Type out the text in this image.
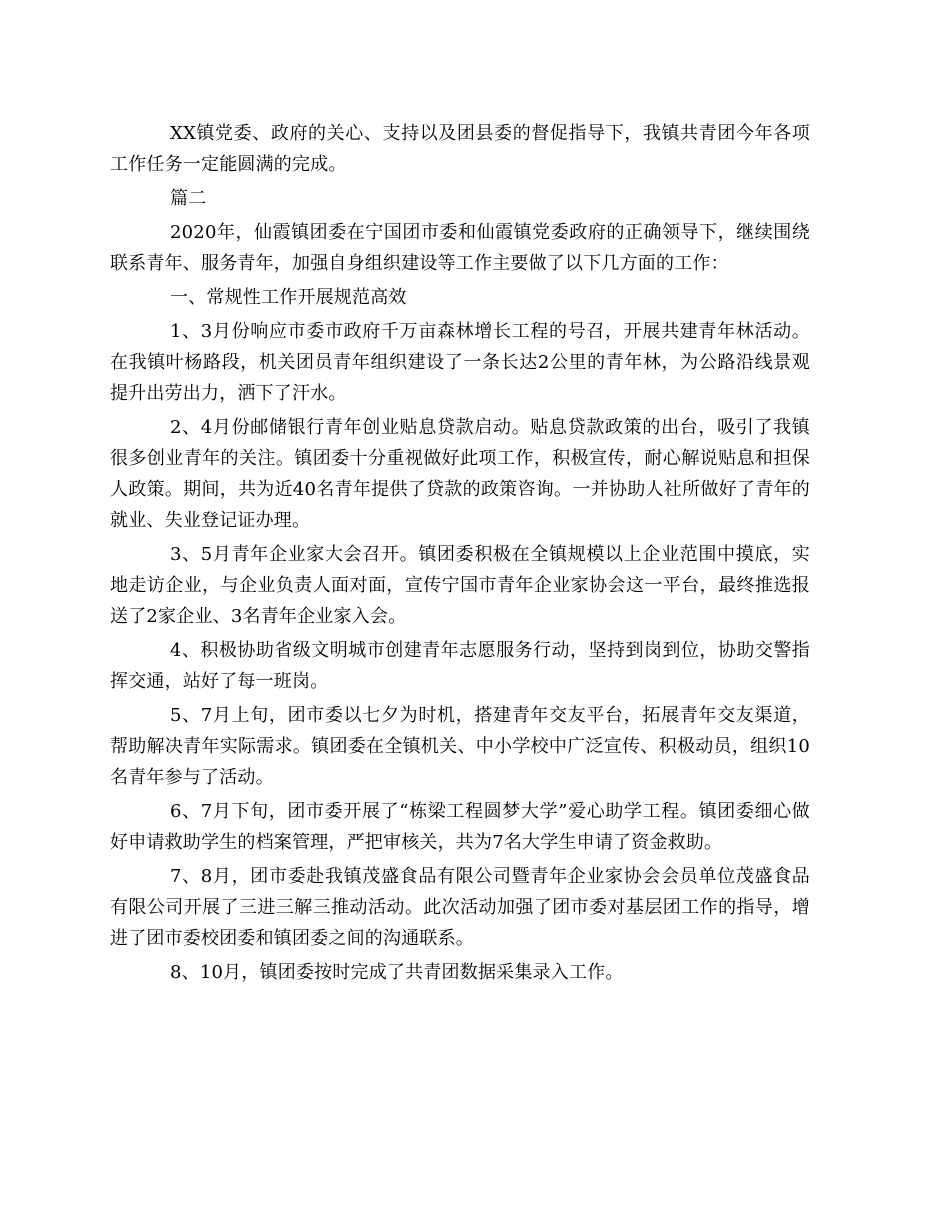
XX镇党委、政府的关心、支持以及团县委的督促指导下，我镇共青团今年各项工作任务一定能圆满的完成。

篇二

2020年，仙霞镇团委在宁国团市委和仙霞镇党委政府的正确领导下，继续围绕联系青年、服务青年，加强自身组织建设等工作主要做了以下几方面的工作：

一、常规性工作开展规范高效

1、3月份响应市委市政府千万亩森林增长工程的号召，开展共建青年林活动。在我镇叶杨路段，机关团员青年组织建设了一条长达2公里的青年林，为公路沿线景观提升出劳出力，洒下了汗水。

2、4月份邮储银行青年创业贴息贷款启动。贴息贷款政策的出台，吸引了我镇很多创业青年的关注。镇团委十分重视做好此项工作，积极宣传，耐心解说贴息和担保人政策。期间，共为近40名青年提供了贷款的政策咨询。一并协助人社所做好了青年的就业、失业登记证办理。

3、5月青年企业家大会召开。镇团委积极在全镇规模以上企业范围中摸底，实地走访企业，与企业负责人面对面，宣传宁国市青年企业家协会这一平台，最终推选报送了2家企业、3名青年企业家入会。

4、积极协助省级文明城市创建青年志愿服务行动，坚持到岗到位，协助交警指挥交通，站好了每一班岗。

5、7月上旬，团市委以七夕为时机，搭建青年交友平台，拓展青年交友渠道，帮助解决青年实际需求。镇团委在全镇机关、中小学校中广泛宣传、积极动员，组织10名青年参与了活动。

6、7月下旬，团市委开展了“栋梁工程圆梦大学”爱心助学工程。镇团委细心做好申请救助学生的档案管理，严把审核关，共为7名大学生申请了资金救助。

7、8月，团市委赴我镇茂盛食品有限公司暨青年企业家协会会员单位茂盛食品有限公司开展了三进三解三推动活动。此次活动加强了团市委对基层团工作的指导，增进了团市委校团委和镇团委之间的沟通联系。

8、10月，镇团委按时完成了共青团数据采集录入工作。
